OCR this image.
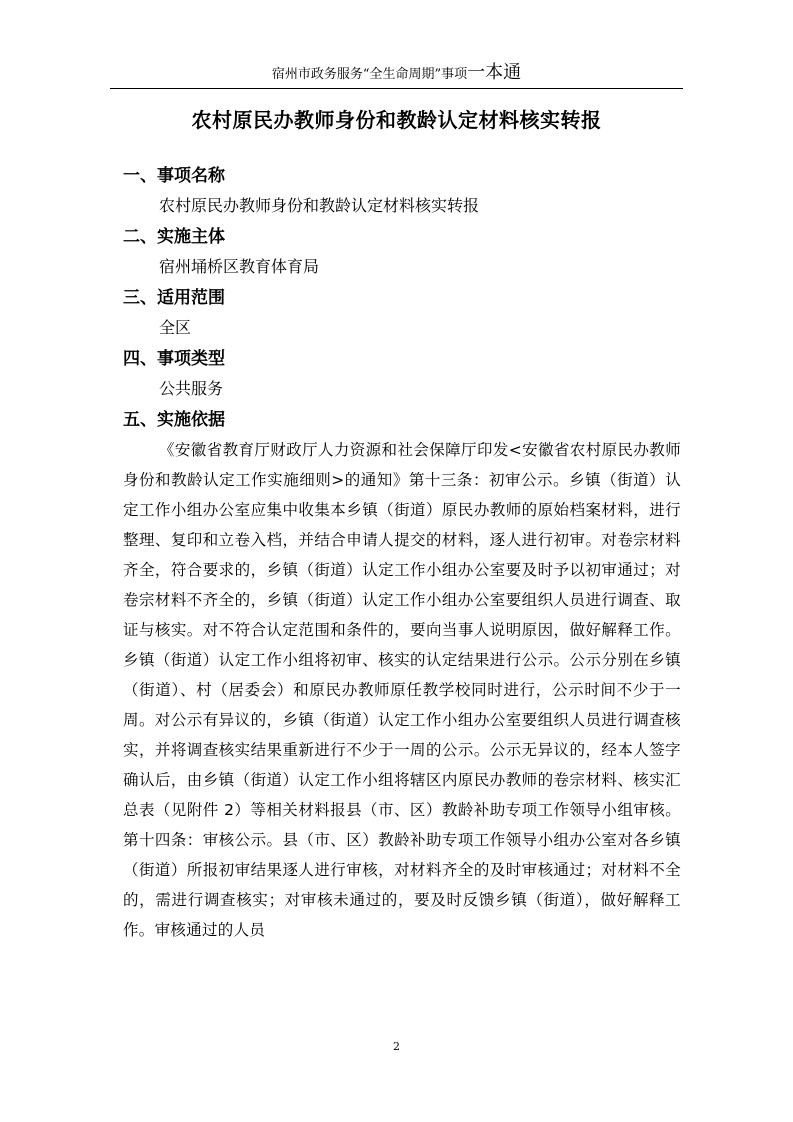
宿州市政务服务“全生命周期”事项一本通
农村原民办教师身份和教龄认定材料核实转报
一、事项名称
农村原民办教师身份和教龄认定材料核实转报
二、实施主体
宿州埇桥区教育体育局
三、适用范围
全区
四、事项类型
公共服务
五、实施依据

《安徽省教育厅财政厅人力资源和社会保障厅印发<安徽省农村原民办教师身份和教龄认定工作实施细则>的通知》第十三条：初审公示。乡镇（街道）认定工作小组办公室应集中收集本乡镇（街道）原民办教师的原始档案材料，进行整理、复印和立卷入档，并结合申请人提交的材料，逐人进行初审。对卷宗材料齐全，符合要求的，乡镇（街道）认定工作小组办公室要及时予以初审通过；对卷宗材料不齐全的，乡镇（街道）认定工作小组办公室要组织人员进行调查、取证与核实。对不符合认定范围和条件的，要向当事人说明原因，做好解释工作。乡镇（街道）认定工作小组将初审、核实的认定结果进行公示。公示分别在乡镇（街道）、村（居委会）和原民办教师原任教学校同时进行，公示时间不少于一周。对公示有异议的，乡镇（街道）认定工作小组办公室要组织人员进行调查核实，并将调查核实结果重新进行不少于一周的公示。公示无异议的，经本人签字确认后，由乡镇（街道）认定工作小组将辖区内原民办教师的卷宗材料、核实汇总表（见附件 2）等相关材料报县（市、区）教龄补助专项工作领导小组审核。第十四条：审核公示。县（市、区）教龄补助专项工作领导小组办公室对各乡镇（街道）所报初审结果逐人进行审核，对材料齐全的及时审核通过；对材料不全的，需进行调查核实；对审核未通过的，要及时反馈乡镇（街道），做好解释工作。审核通过的人员

2
